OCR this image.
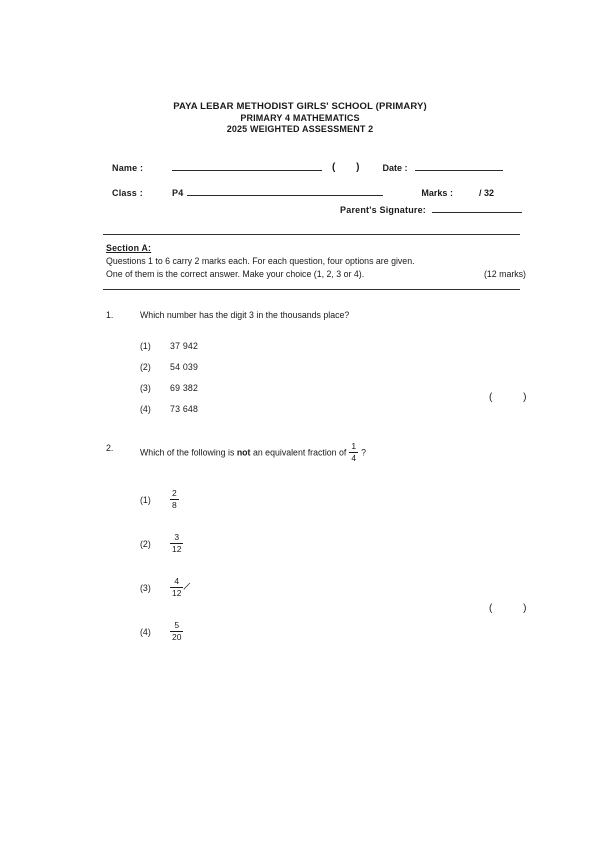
PAYA LEBAR METHODIST GIRLS' SCHOOL (PRIMARY)
PRIMARY 4 MATHEMATICS
2025 WEIGHTED ASSESSMENT 2
Name :	( ) Date :
Class :	P4	Marks :	/ 32
Parent's Signature:
Section A:
Questions 1 to 6 carry 2 marks each. For each question, four options are given.
One of them is the correct answer. Make your choice (1, 2, 3 or 4).	(12 marks)
1.	Which number has the digit 3 in the thousands place?
(1)	37 942
(2)	54 039
(3)	69 382
(4)	73 648
( )
2.	Which of the following is not an equivalent fraction of $\frac{1}{4}$ ?
(1)	$\frac{2}{8}$
(2)	$\frac{3}{12}$
(3)	$\frac{4}{12}$ ∕
(4)	$\frac{5}{20}$
( )
